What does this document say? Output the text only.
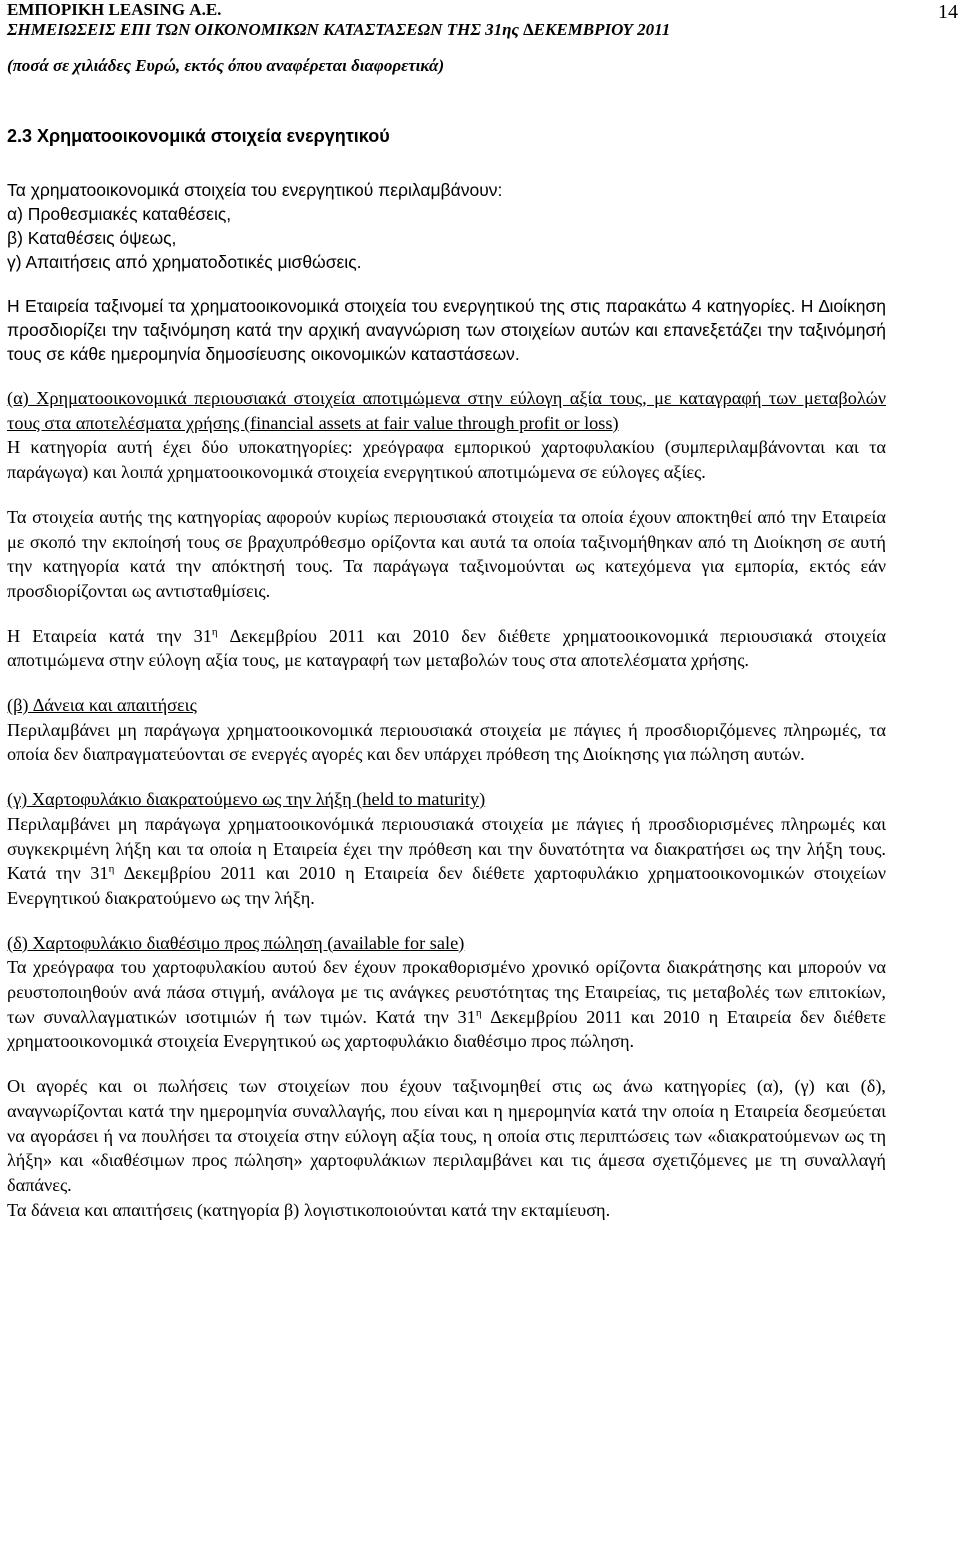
ΕΜΠΟΡΙΚΗ LEASING Α.Ε.
ΣΗΜΕΙΩΣΕΙΣ ΕΠΙ ΤΩΝ ΟΙΚΟΝΟΜΙΚΩΝ ΚΑΤΑΣΤΑΣΕΩΝ ΤΗΣ 31ης ∆ΕΚΕΜΒΡΙΟΥ 2011
(ποσά σε χιλιάδες Ευρώ, εκτός όπου αναφέρεται διαφορετικά)
2.3 Χρηματοοικονομικά στοιχεία ενεργητικού

Τα χρηματοοικονομικά στοιχεία του ενεργητικού περιλαμβάνουν:

α) Προθεσμιακές καταθέσεις,

β) Καταθέσεις όψεως,

γ) Απαιτήσεις από χρηματοδοτικές μισθώσεις.

Η Εταιρεία ταξινομεί τα χρηματοοικονομικά στοιχεία του ενεργητικού της στις παρακάτω 4 κατηγορίες. Η ∆ιοίκηση προσδιορίζει την ταξινόμηση κατά την αρχική αναγνώριση των στοιχείων αυτών και επανεξετάζει την ταξινόμησή τους σε κάθε ημερομηνία δημοσίευσης οικονομικών καταστάσεων.

(α) Χρηματοοικονομικά περιουσιακά στοιχεία αποτιμώμενα στην εύλογη αξία τους, με καταγραφή των μεταβολών τους στα αποτελέσματα χρήσης (financial assets at fair value through profit or loss)
Η κατηγορία αυτή έχει δύο υποκατηγορίες: χρεόγραφα εμπορικού χαρτοφυλακίου (συμπεριλαμβάνονται και τα παράγωγα) και λοιπά χρηματοοικονομικά στοιχεία ενεργητικού αποτιμώμενα σε εύλογες αξίες.

Τα στοιχεία αυτής της κατηγορίας αφορούν κυρίως περιουσιακά στοιχεία τα οποία έχουν αποκτηθεί από την Εταιρεία με σκοπό την εκποίησή τους σε βραχυπρόθεσμο ορίζοντα και αυτά τα οποία ταξινομήθηκαν από τη ∆ιοίκηση σε αυτή την κατηγορία κατά την απόκτησή τους. Τα παράγωγα ταξινομούνται ως κατεχόμενα για εμπορία, εκτός εάν προσδιορίζονται ως αντισταθμίσεις.

Η Εταιρεία κατά την $31^\eta$ ∆εκεμβρίου 2011 και 2010 δεν διέθετε χρηματοοικονομικά περιουσιακά στοιχεία αποτιμώμενα στην εύλογη αξία τους, με καταγραφή των μεταβολών τους στα αποτελέσματα χρήσης.

(β) ∆άνεια και απαιτήσεις
Περιλαμβάνει μη παράγωγα χρηματοοικονομικά περιουσιακά στοιχεία με πάγιες ή προσδιοριζόμενες πληρωμές, τα οποία δεν διαπραγματεύονται σε ενεργές αγορές και δεν υπάρχει πρόθεση της ∆ιοίκησης για πώληση αυτών.
(γ) Χαρτοφυλάκιο διακρατούμενο ως την λήξη (held to maturity)
Περιλαμβάνει μη παράγωγα χρηματοοικονόμικά περιουσιακά στοιχεία με πάγιες ή προσδιορισμένες πληρωμές και συγκεκριμένη λήξη και τα οποία η Εταιρεία έχει την πρόθεση και την δυνατότητα να διακρατήσει ως την λήξη τους. Κατά την $31^\eta$ ∆εκεμβρίου 2011 και 2010 η Εταιρεία δεν διέθετε χαρτοφυλάκιο χρηματοοικονομικών στοιχείων Ενεργητικού διακρατούμενο ως την λήξη.
(δ) Χαρτοφυλάκιο διαθέσιμο προς πώληση (available for sale)
Τα χρεόγραφα του χαρτοφυλακίου αυτού δεν έχουν προκαθορισμένο χρονικό ορίζοντα διακράτησης και μπορούν να ρευστοποιηθούν ανά πάσα στιγμή, ανάλογα με τις ανάγκες ρευστότητας της Εταιρείας, τις μεταβολές των επιτοκίων, των συναλλαγματικών ισοτιμιών ή των τιμών. Κατά την $31^\eta$ ∆εκεμβρίου 2011 και 2010 η Εταιρεία δεν διέθετε χρηματοοικονομικά στοιχεία Ενεργητικού ως χαρτοφυλάκιο διαθέσιμο προς πώληση.
Οι αγορές και οι πωλήσεις των στοιχείων που έχουν ταξινομηθεί στις ως άνω κατηγορίες (α), (γ) και (δ), αναγνωρίζονται κατά την ημερομηνία συναλλαγής, που είναι και η ημερομηνία κατά την οποία η Εταιρεία δεσμεύεται να αγοράσει ή να πουλήσει τα στοιχεία στην εύλογη αξία τους, η οποία στις περιπτώσεις των «διακρατούμενων ως τη λήξη» και «διαθέσιμων προς πώληση» χαρτοφυλάκιων περιλαμβάνει και τις άμεσα σχετιζόμενες με τη συναλλαγή δαπάνες.
Τα δάνεια και απαιτήσεις (κατηγορία β) λογιστικοποιούνται κατά την εκταμίευση.
14
